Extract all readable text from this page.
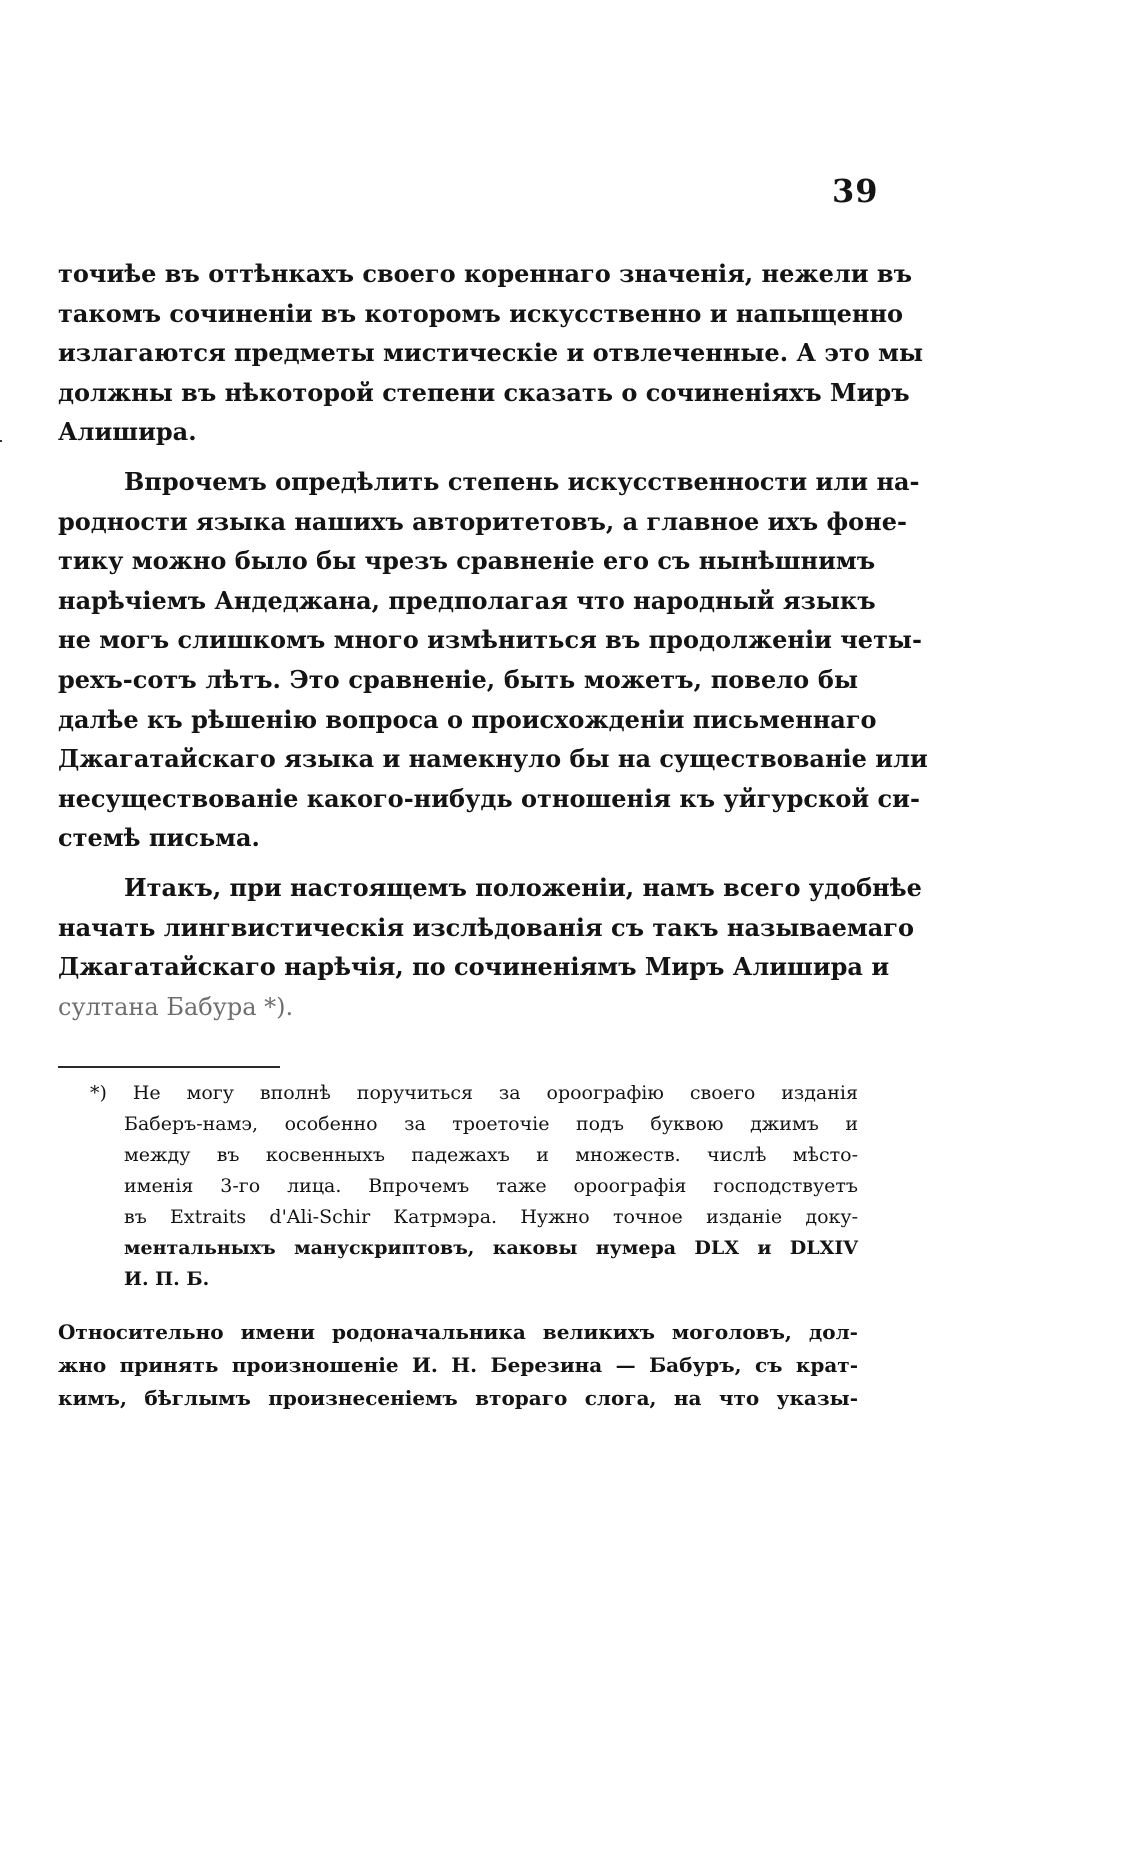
39
точиѣе въ оттѣнкахъ своего кореннаго значенія, нежели въ
такомъ сочиненіи въ которомъ искусственно и напыщенно
излагаются предметы мистическіе и отвлеченные. А это мы
должны въ нѣкоторой степени сказать о сочиненіяхъ Миръ
Алишира.
Впрочемъ опредѣлить степень искусственности или на-
родности языка нашихъ авторитетовъ, а главное ихъ фоне-
тику можно было бы чрезъ сравненіе его съ нынѣшнимъ
нарѣчіемъ Андеджана, предполагая что народный языкъ
не могъ слишкомъ много измѣниться въ продолженіи четы-
рехъ-сотъ лѣтъ. Это сравненіе, быть можетъ, повело бы
далѣе къ рѣшенію вопроса о происхожденіи письменнаго
Джагатайскаго языка и намекнуло бы на существованіе или
несуществованіе какого-нибудь отношенія къ уйгурской си-
стемѣ письма.
Итакъ, при настоящемъ положеніи, намъ всего удобнѣе
начать лингвистическія изслѣдованія съ такъ называемаго
Джагатайскаго нарѣчія, по сочиненіямъ Миръ Алишира и
султана Бабура *).
*) Не могу вполнѣ поручиться за ороографію своего изданія
Баберъ-намэ, особенно за троеточіе подъ буквою джимъ и
между въ косвенныхъ падежахъ и множеств. числѣ мѣсто-
именія 3-го лица. Впрочемъ таже ороографія господствуетъ
въ Extraits d'Ali-Schir Катрмэра. Нужно точное изданіе доку-
ментальныхъ манускриптовъ, каковы нумера DLX и DLXIV
И. П. Б.
Относительно имени родоначальника великихъ моголовъ, дол-
жно принять произношеніе И. Н. Березина — Бабуръ, съ крат-
кимъ, бѣглымъ произнесеніемъ втораго слога, на что указы-
